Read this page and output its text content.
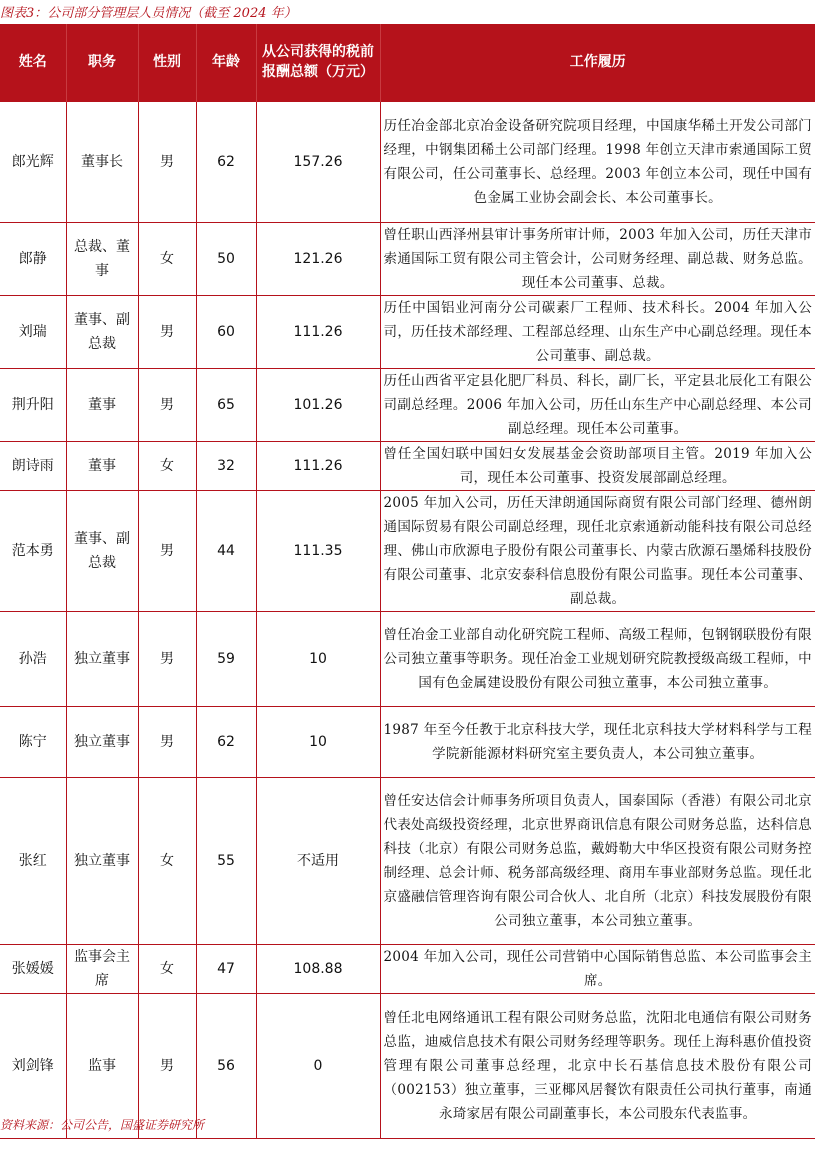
图表3：公司部分管理层人员情况（截至 2024 年）
姓名	职务	性别	年龄	从公司获得的税前报酬总额（万元）	工作履历
郎光辉	董事长	男	62	157.26	历任冶金部北京冶金设备研究院项目经理，中国康华稀土开发公司部门经理，中钢集团稀土公司部门经理。1998 年创立天津市索通国际工贸有限公司，任公司董事长、总经理。2003 年创立本公司，现任中国有色金属工业协会副会长、本公司董事长。
郎静	总裁、董事	女	50	121.26	曾任职山西泽州县审计事务所审计师，2003 年加入公司，历任天津市索通国际工贸有限公司主管会计，公司财务经理、副总裁、财务总监。现任本公司董事、总裁。
刘瑞	董事、副总裁	男	60	111.26	历任中国铝业河南分公司碳素厂工程师、技术科长。2004 年加入公司，历任技术部经理、工程部总经理、山东生产中心副总经理。现任本公司董事、副总裁。
荆升阳	董事	男	65	101.26	历任山西省平定县化肥厂科员、科长，副厂长，平定县北辰化工有限公司副总经理。2006 年加入公司，历任山东生产中心副总经理、本公司副总经理。现任本公司董事。
朗诗雨	董事	女	32	111.26	曾任全国妇联中国妇女发展基金会资助部项目主管。2019 年加入公司，现任本公司董事、投资发展部副总经理。
范本勇	董事、副总裁	男	44	111.35	2005 年加入公司，历任天津朗通国际商贸有限公司部门经理、德州朗通国际贸易有限公司副总经理，现任北京索通新动能科技有限公司总经理、佛山市欣源电子股份有限公司董事长、内蒙古欣源石墨烯科技股份有限公司董事、北京安泰科信息股份有限公司监事。现任本公司董事、副总裁。
孙浩	独立董事	男	59	10	曾任冶金工业部自动化研究院工程师、高级工程师，包钢钢联股份有限公司独立董事等职务。现任冶金工业规划研究院教授级高级工程师，中国有色金属建设股份有限公司独立董事，本公司独立董事。
陈宁	独立董事	男	62	10	1987 年至今任教于北京科技大学，现任北京科技大学材料科学与工程学院新能源材料研究室主要负责人，本公司独立董事。
张红	独立董事	女	55	不适用	曾任安达信会计师事务所项目负责人，国泰国际（香港）有限公司北京代表处高级投资经理，北京世界商讯信息有限公司财务总监，达科信息科技（北京）有限公司财务总监，戴姆勒大中华区投资有限公司财务控制经理、总会计师、税务部高级经理、商用车事业部财务总监。现任北京盛融信管理咨询有限公司合伙人、北自所（北京）科技发展股份有限公司独立董事，本公司独立董事。
张媛媛	监事会主席	女	47	108.88	2004 年加入公司，现任公司营销中心国际销售总监、本公司监事会主席。
刘剑锋	监事	男	56	0	曾任北电网络通讯工程有限公司财务总监，沈阳北电通信有限公司财务总监，迪威信息技术有限公司财务经理等职务。现任上海科惠价值投资管理有限公司董事总经理，北京中长石基信息技术股份有限公司（002153）独立董事，三亚椰风居餐饮有限责任公司执行董事，南通永琦家居有限公司副董事长，本公司股东代表监事。
资料来源：公司公告，国盛证券研究所
